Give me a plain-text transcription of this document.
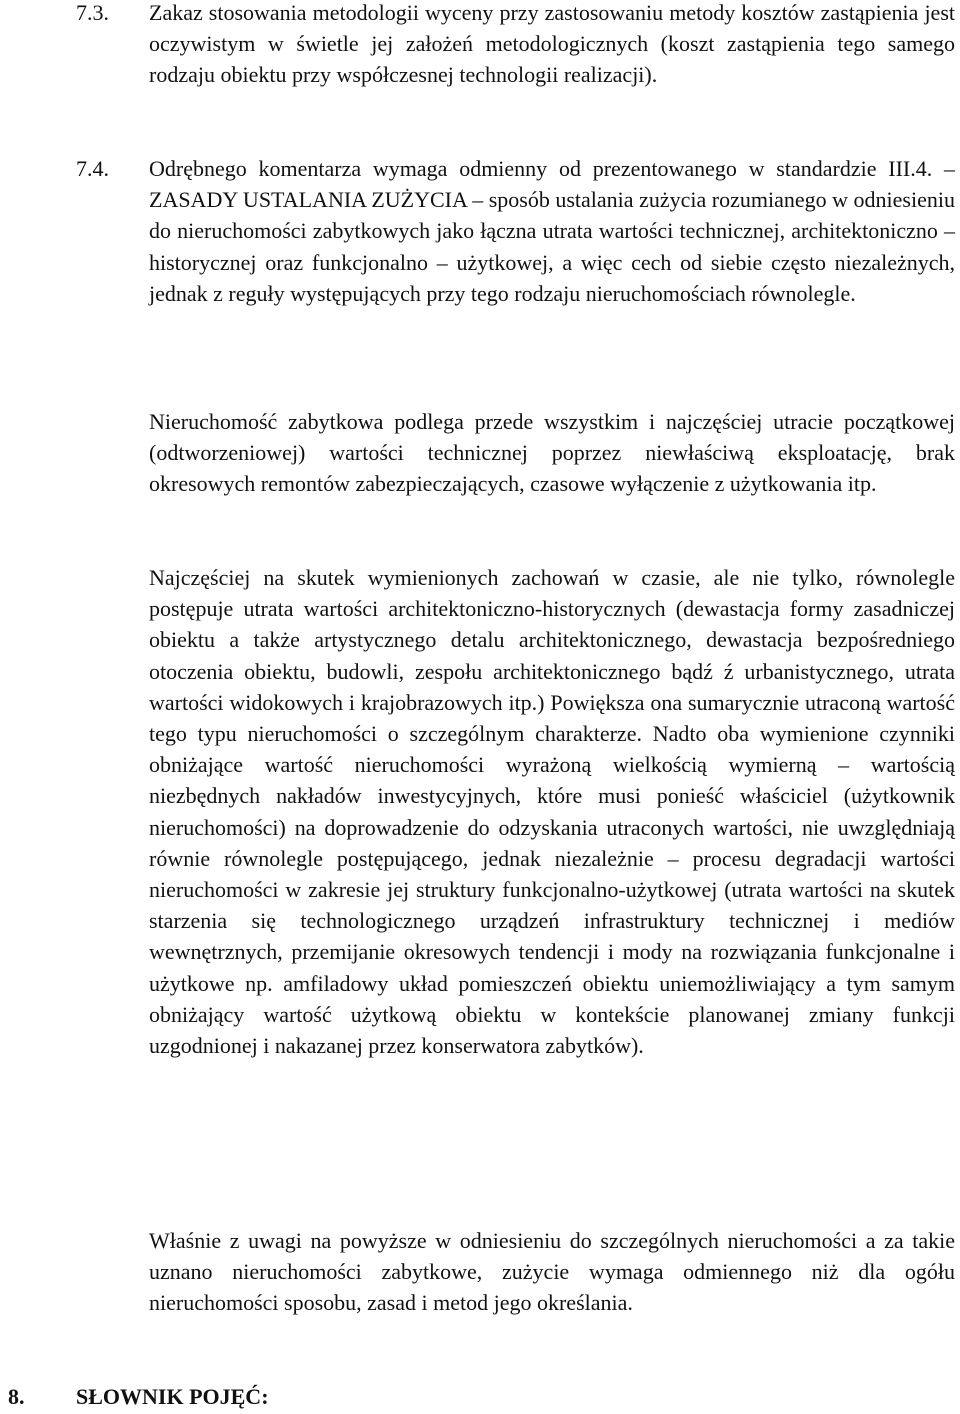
7.3. Zakaz stosowania metodologii wyceny przy zastosowaniu metody kosztów zastąpienia jest oczywistym w świetle jej założeń metodologicznych (koszt zastąpienia tego samego rodzaju obiektu przy współczesnej technologii realizacji).
7.4. Odrębnego komentarza wymaga odmienny od prezentowanego w standardzie III.4. – ZASADY USTALANIA ZUŻYCIA – sposób ustalania zużycia rozumianego w odniesieniu do nieruchomości zabytkowych jako łączna utrata wartości technicznej, architektoniczno – historycznej oraz funkcjonalno – użytkowej, a więc cech od siebie często niezależnych, jednak z reguły występujących przy tego rodzaju nieruchomościach równolegle.
Nieruchomość zabytkowa podlega przede wszystkim i najczęściej utracie początkowej (odtworzeniowej) wartości technicznej poprzez niewłaściwą eksploatację, brak okresowych remontów zabezpieczających, czasowe wyłączenie z użytkowania itp.
Najczęściej na skutek wymienionych zachowań w czasie, ale nie tylko, równolegle postępuje utrata wartości architektoniczno-historycznych (dewastacja formy zasadniczej obiektu a także artystycznego detalu architektonicznego, dewastacja bezpośredniego otoczenia obiektu, budowli, zespołu architektonicznego bądź ź urbanistycznego, utrata wartości widokowych i krajobrazowych itp.) Powiększa ona sumarycznie utraconą wartość tego typu nieruchomości o szczególnym charakterze. Nadto oba wymienione czynniki obniżające wartość nieruchomości wyrażoną wielkością wymierną – wartością niezbędnych nakładów inwestycyjnych, które musi ponieść właściciel (użytkownik nieruchomości) na doprowadzenie do odzyskania utraconych wartości, nie uwzględniają równie równolegle postępującego, jednak niezależnie – procesu degradacji wartości nieruchomości w zakresie jej struktury funkcjonalno-użytkowej (utrata wartości na skutek starzenia się technologicznego urządzeń infrastruktury technicznej i mediów wewnętrznych, przemijanie okresowych tendencji i mody na rozwiązania funkcjonalne i użytkowe np. amfiladowy układ pomieszczeń obiektu uniemożliwiający a tym samym obniżający wartość użytkową obiektu w kontekście planowanej zmiany funkcji uzgodnionej i nakazanej przez konserwatora zabytków).
Właśnie z uwagi na powyższe w odniesieniu do szczególnych nieruchomości a za takie uznano nieruchomości zabytkowe, zużycie wymaga odmiennego niż dla ogółu nieruchomości sposobu, zasad i metod jego określania.
8. SŁOWNIK POJĘĆ:
